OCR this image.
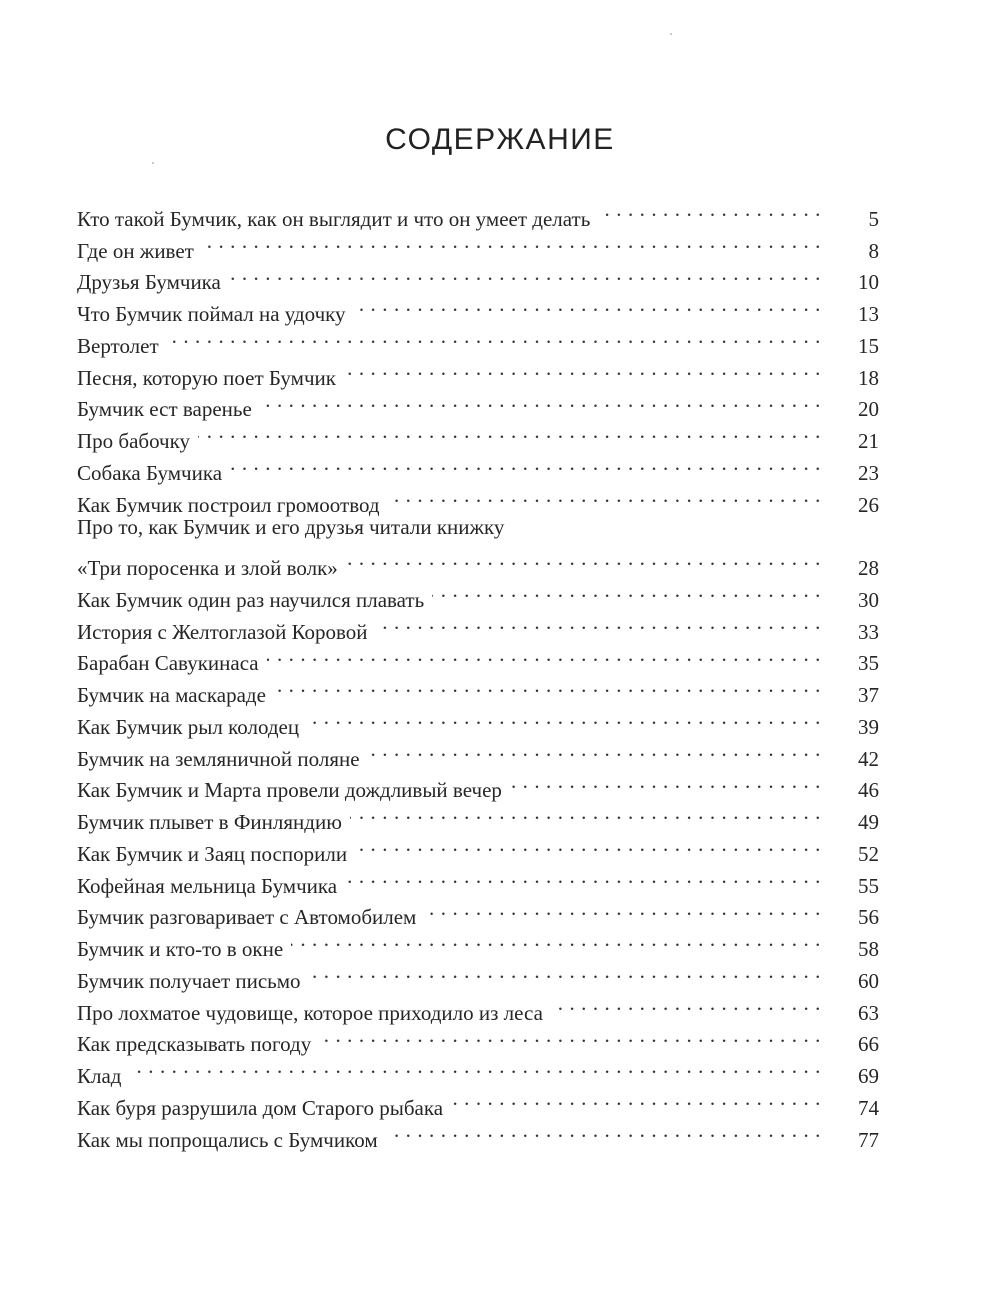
СОДЕРЖАНИЕ
Кто такой Бумчик, как он выглядит и что он умеет делать . . .	5
Где он живет . . .	8
Друзья Бумчика . . .	10
Что Бумчик поймал на удочку . . .	13
Вертолет . . .	15
Песня, которую поет Бумчик . . .	18
Бумчик ест варенье . . .	20
Про бабочку . . .	21
Собака Бумчика . . .	23
Как Бумчик построил громоотвод . . .	26
Про то, как Бумчик и его друзья читали книжку
«Три поросенка и злой волк» . . .	28
Как Бумчик один раз научился плавать . . .	30
История с Желтоглазой Коровой . . .	33
Барабан Савукинаса . . .	35
Бумчик на маскараде . . .	37
Как Бумчик рыл колодец . . .	39
Бумчик на земляничной поляне . . .	42
Как Бумчик и Марта провели дождливый вечер . . .	46
Бумчик плывет в Финляндию . . .	49
Как Бумчик и Заяц поспорили . . .	52
Кофейная мельница Бумчика . . .	55
Бумчик разговаривает с Автомобилем . . .	56
Бумчик и кто-то в окне . . .	58
Бумчик получает письмо . . .	60
Про лохматое чудовище, которое приходило из леса . . .	63
Как предсказывать погоду . . .	66
Клад . . .	69
Как буря разрушила дом Старого рыбака . . .	74
Как мы попрощались с Бумчиком . . .	77
